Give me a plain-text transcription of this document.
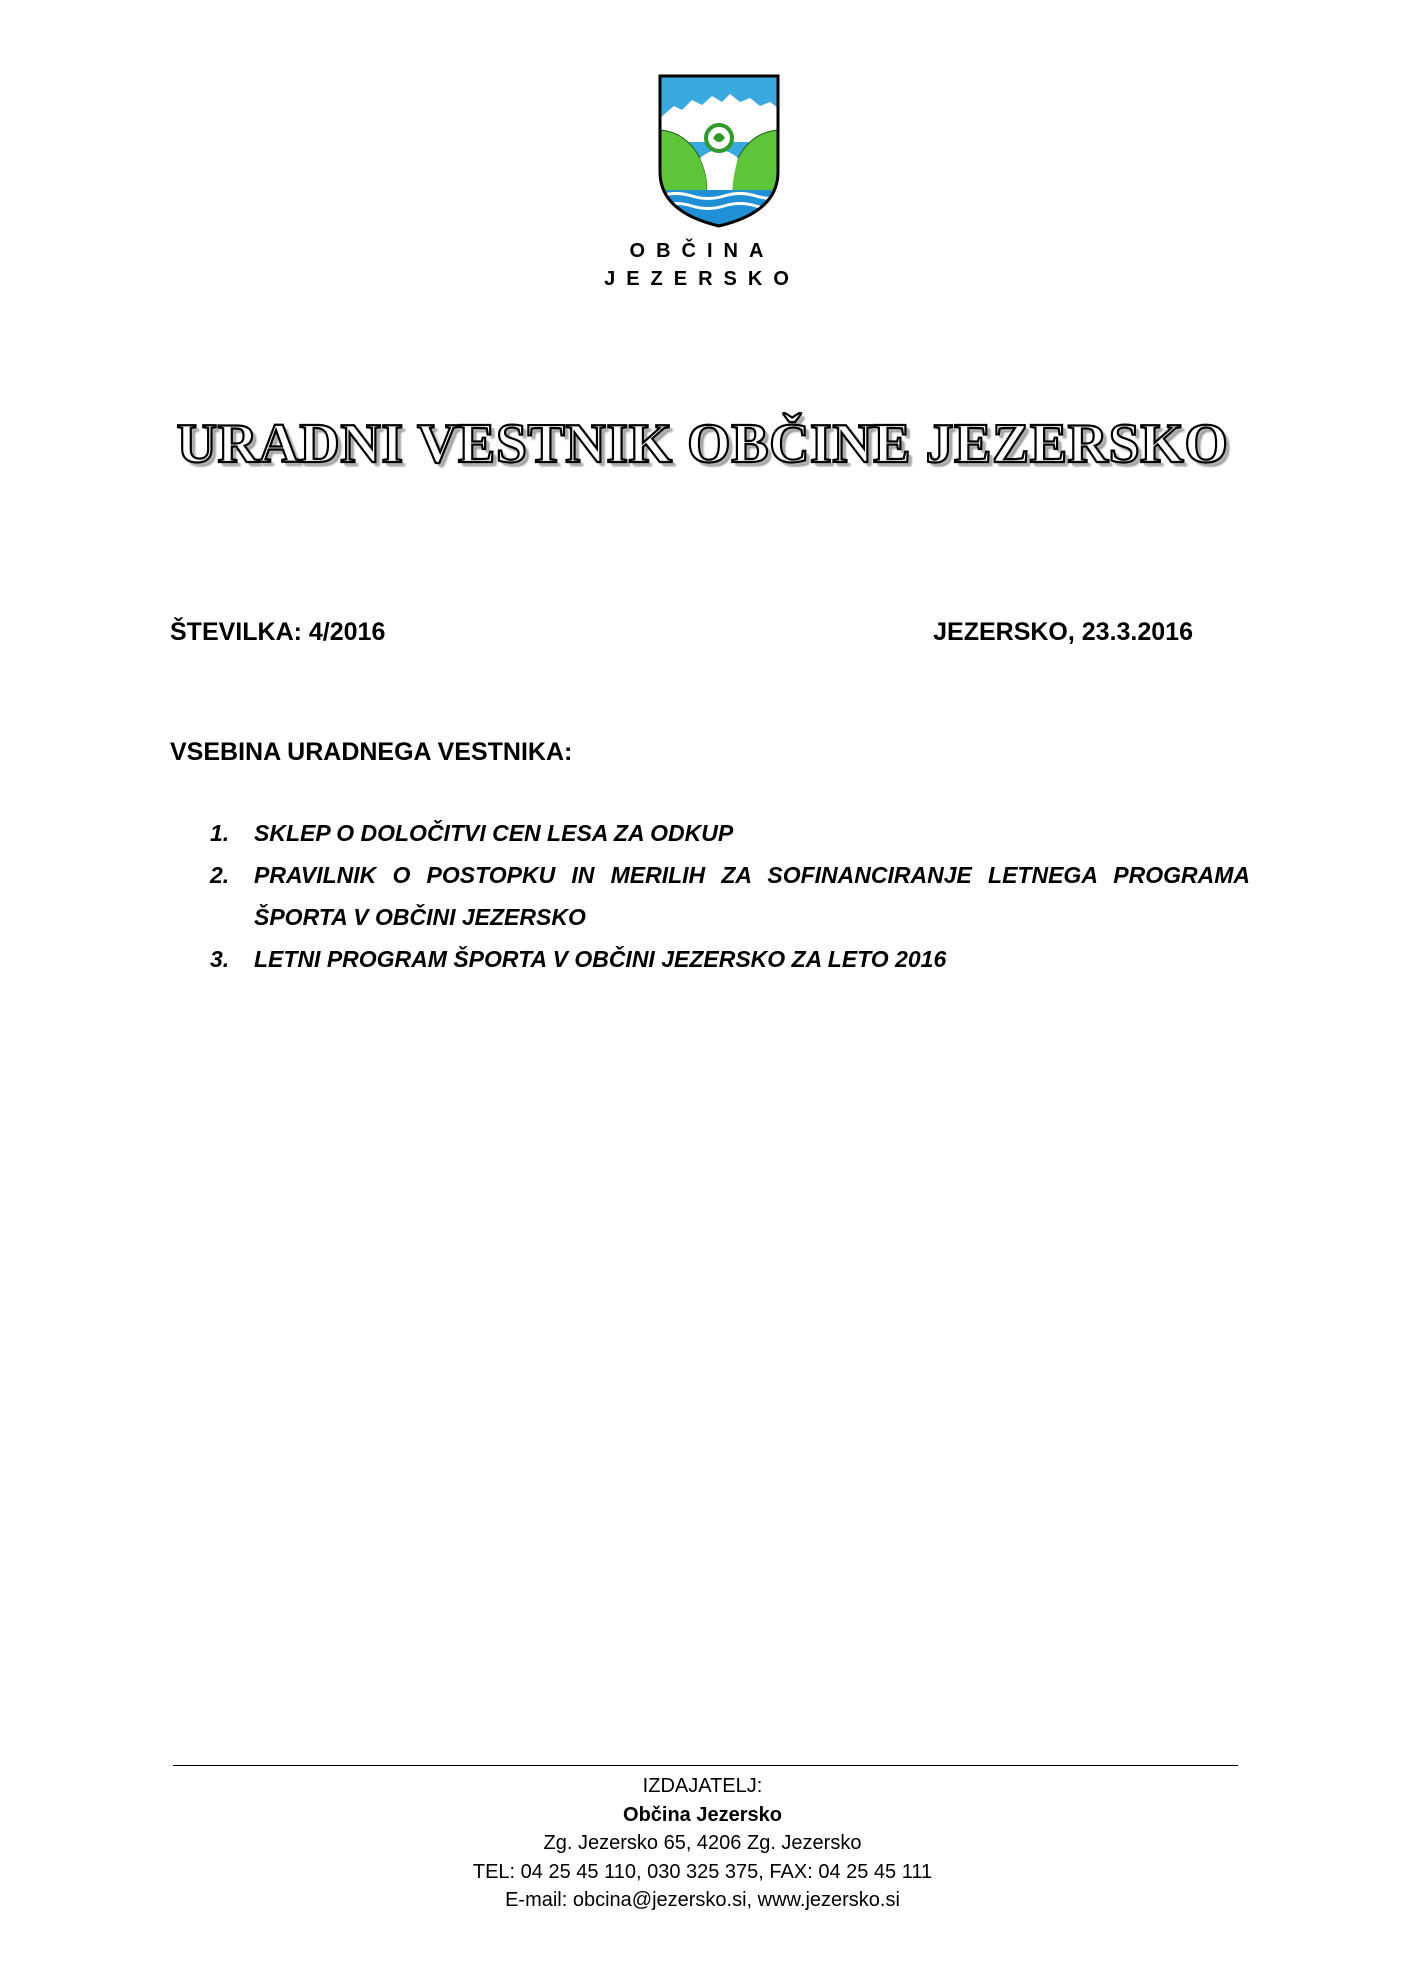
OBČINA
JEZERSKO
URADNI VESTNIK OBČINE JEZERSKO
ŠTEVILKA: 4/2016	JEZERSKO, 23.3.2016
VSEBINA URADNEGA VESTNIKA:
1. SKLEP O DOLOČITVI CEN LESA ZA ODKUP
2. PRAVILNIK O POSTOPKU IN MERILIH ZA SOFINANCIRANJE LETNEGA PROGRAMA ŠPORTA V OBČINI JEZERSKO
3. LETNI PROGRAM ŠPORTA V OBČINI JEZERSKO ZA LETO 2016
IZDAJATELJ:
Občina Jezersko
Zg. Jezersko 65, 4206 Zg. Jezersko
TEL: 04 25 45 110, 030 325 375, FAX: 04 25 45 111
E-mail: obcina@jezersko.si, www.jezersko.si
